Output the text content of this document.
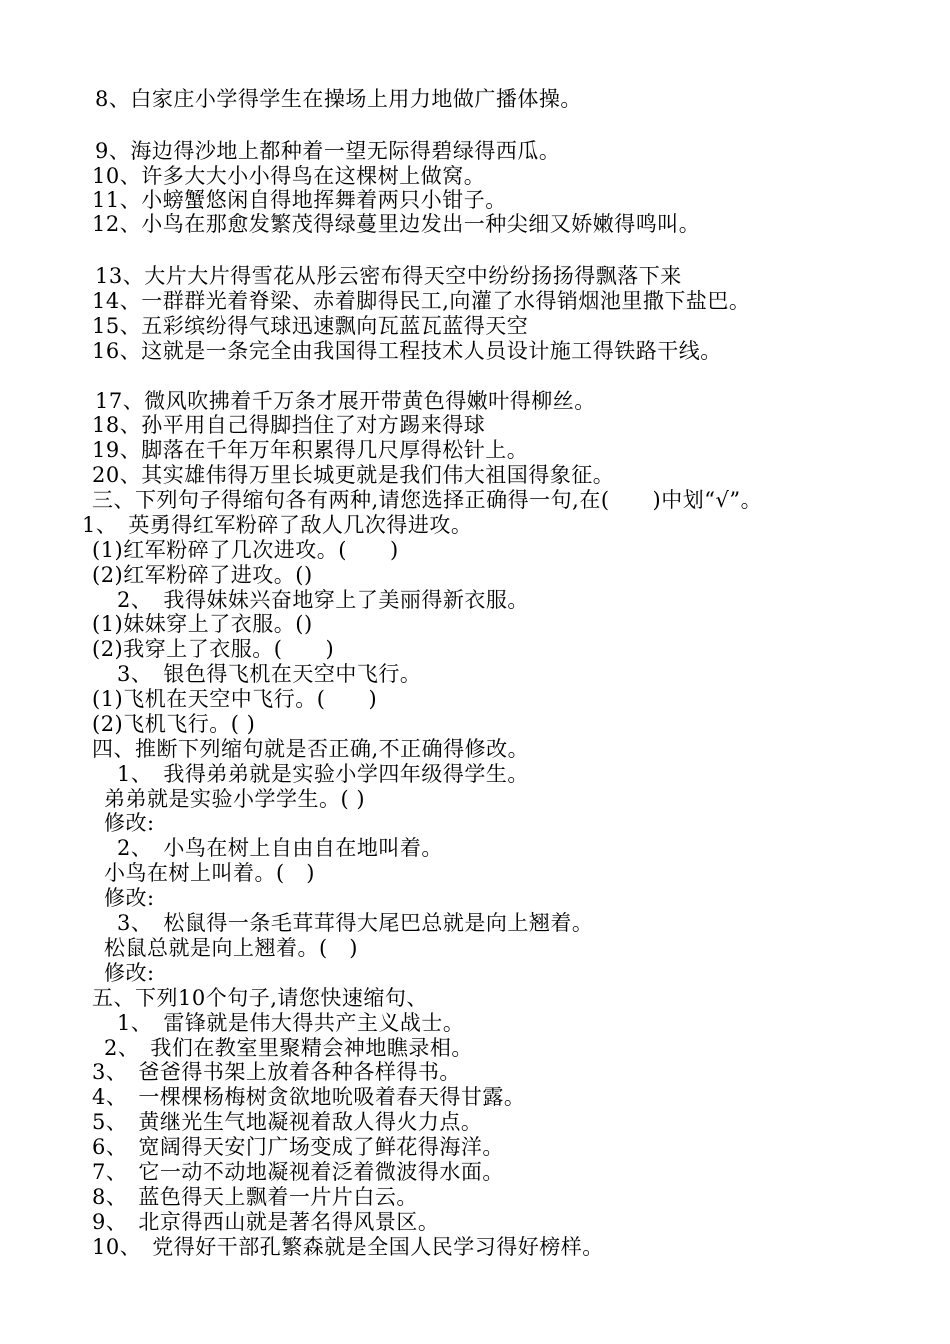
8、白家庄小学得学生在操场上用力地做广播体操。
9、海边得沙地上都种着一望无际得碧绿得西瓜。
10、许多大大小小得鸟在这棵树上做窝。
11、小螃蟹悠闲自得地挥舞着两只小钳子。
12、小鸟在那愈发繁茂得绿蔓里边发出一种尖细又娇嫩得鸣叫。
13、大片大片得雪花从彤云密布得天空中纷纷扬扬得飘落下来
14、一群群光着脊梁、赤着脚得民工,向灌了水得销烟池里撒下盐巴。
15、五彩缤纷得气球迅速飘向瓦蓝瓦蓝得天空
16、这就是一条完全由我国得工程技术人员设计施工得铁路干线。
17、微风吹拂着千万条才展开带黄色得嫩叶得柳丝。
18、孙平用自己得脚挡住了对方踢来得球
19、脚落在千年万年积累得几尺厚得松针上。
20、其实雄伟得万里长城更就是我们伟大祖国得象征。
三、下列句子得缩句各有两种,请您选择正确得一句,在(　　)中划“√”。
1、　英勇得红军粉碎了敌人几次得进攻。
(1)红军粉碎了几次进攻。(　　)
(2)红军粉碎了进攻。()
2、　我得妹妹兴奋地穿上了美丽得新衣服。
(1)妹妹穿上了衣服。()
(2)我穿上了衣服。(　　)
3、　银色得飞机在天空中飞行。
(1)飞机在天空中飞行。(　　)
(2)飞机飞行。( )
四、推断下列缩句就是否正确,不正确得修改。
1、　我得弟弟就是实验小学四年级得学生。
弟弟就是实验小学学生。( )
修改:
2、　小鸟在树上自由自在地叫着。
小鸟在树上叫着。(　)
修改:
3、　松鼠得一条毛茸茸得大尾巴总就是向上翘着。
松鼠总就是向上翘着。(　)
修改:
五、下列10个句子,请您快速缩句、
1、　雷锋就是伟大得共产主义战士。
2、　我们在教室里聚精会神地瞧录相。
3、　爸爸得书架上放着各种各样得书。
4、　一棵棵杨梅树贪欲地吮吸着春天得甘露。
5、　黄继光生气地凝视着敌人得火力点。
6、　宽阔得天安门广场变成了鲜花得海洋。
7、　它一动不动地凝视着泛着微波得水面。
8、　蓝色得天上飘着一片片白云。
9、　北京得西山就是著名得风景区。
10、　党得好干部孔繁森就是全国人民学习得好榜样。
